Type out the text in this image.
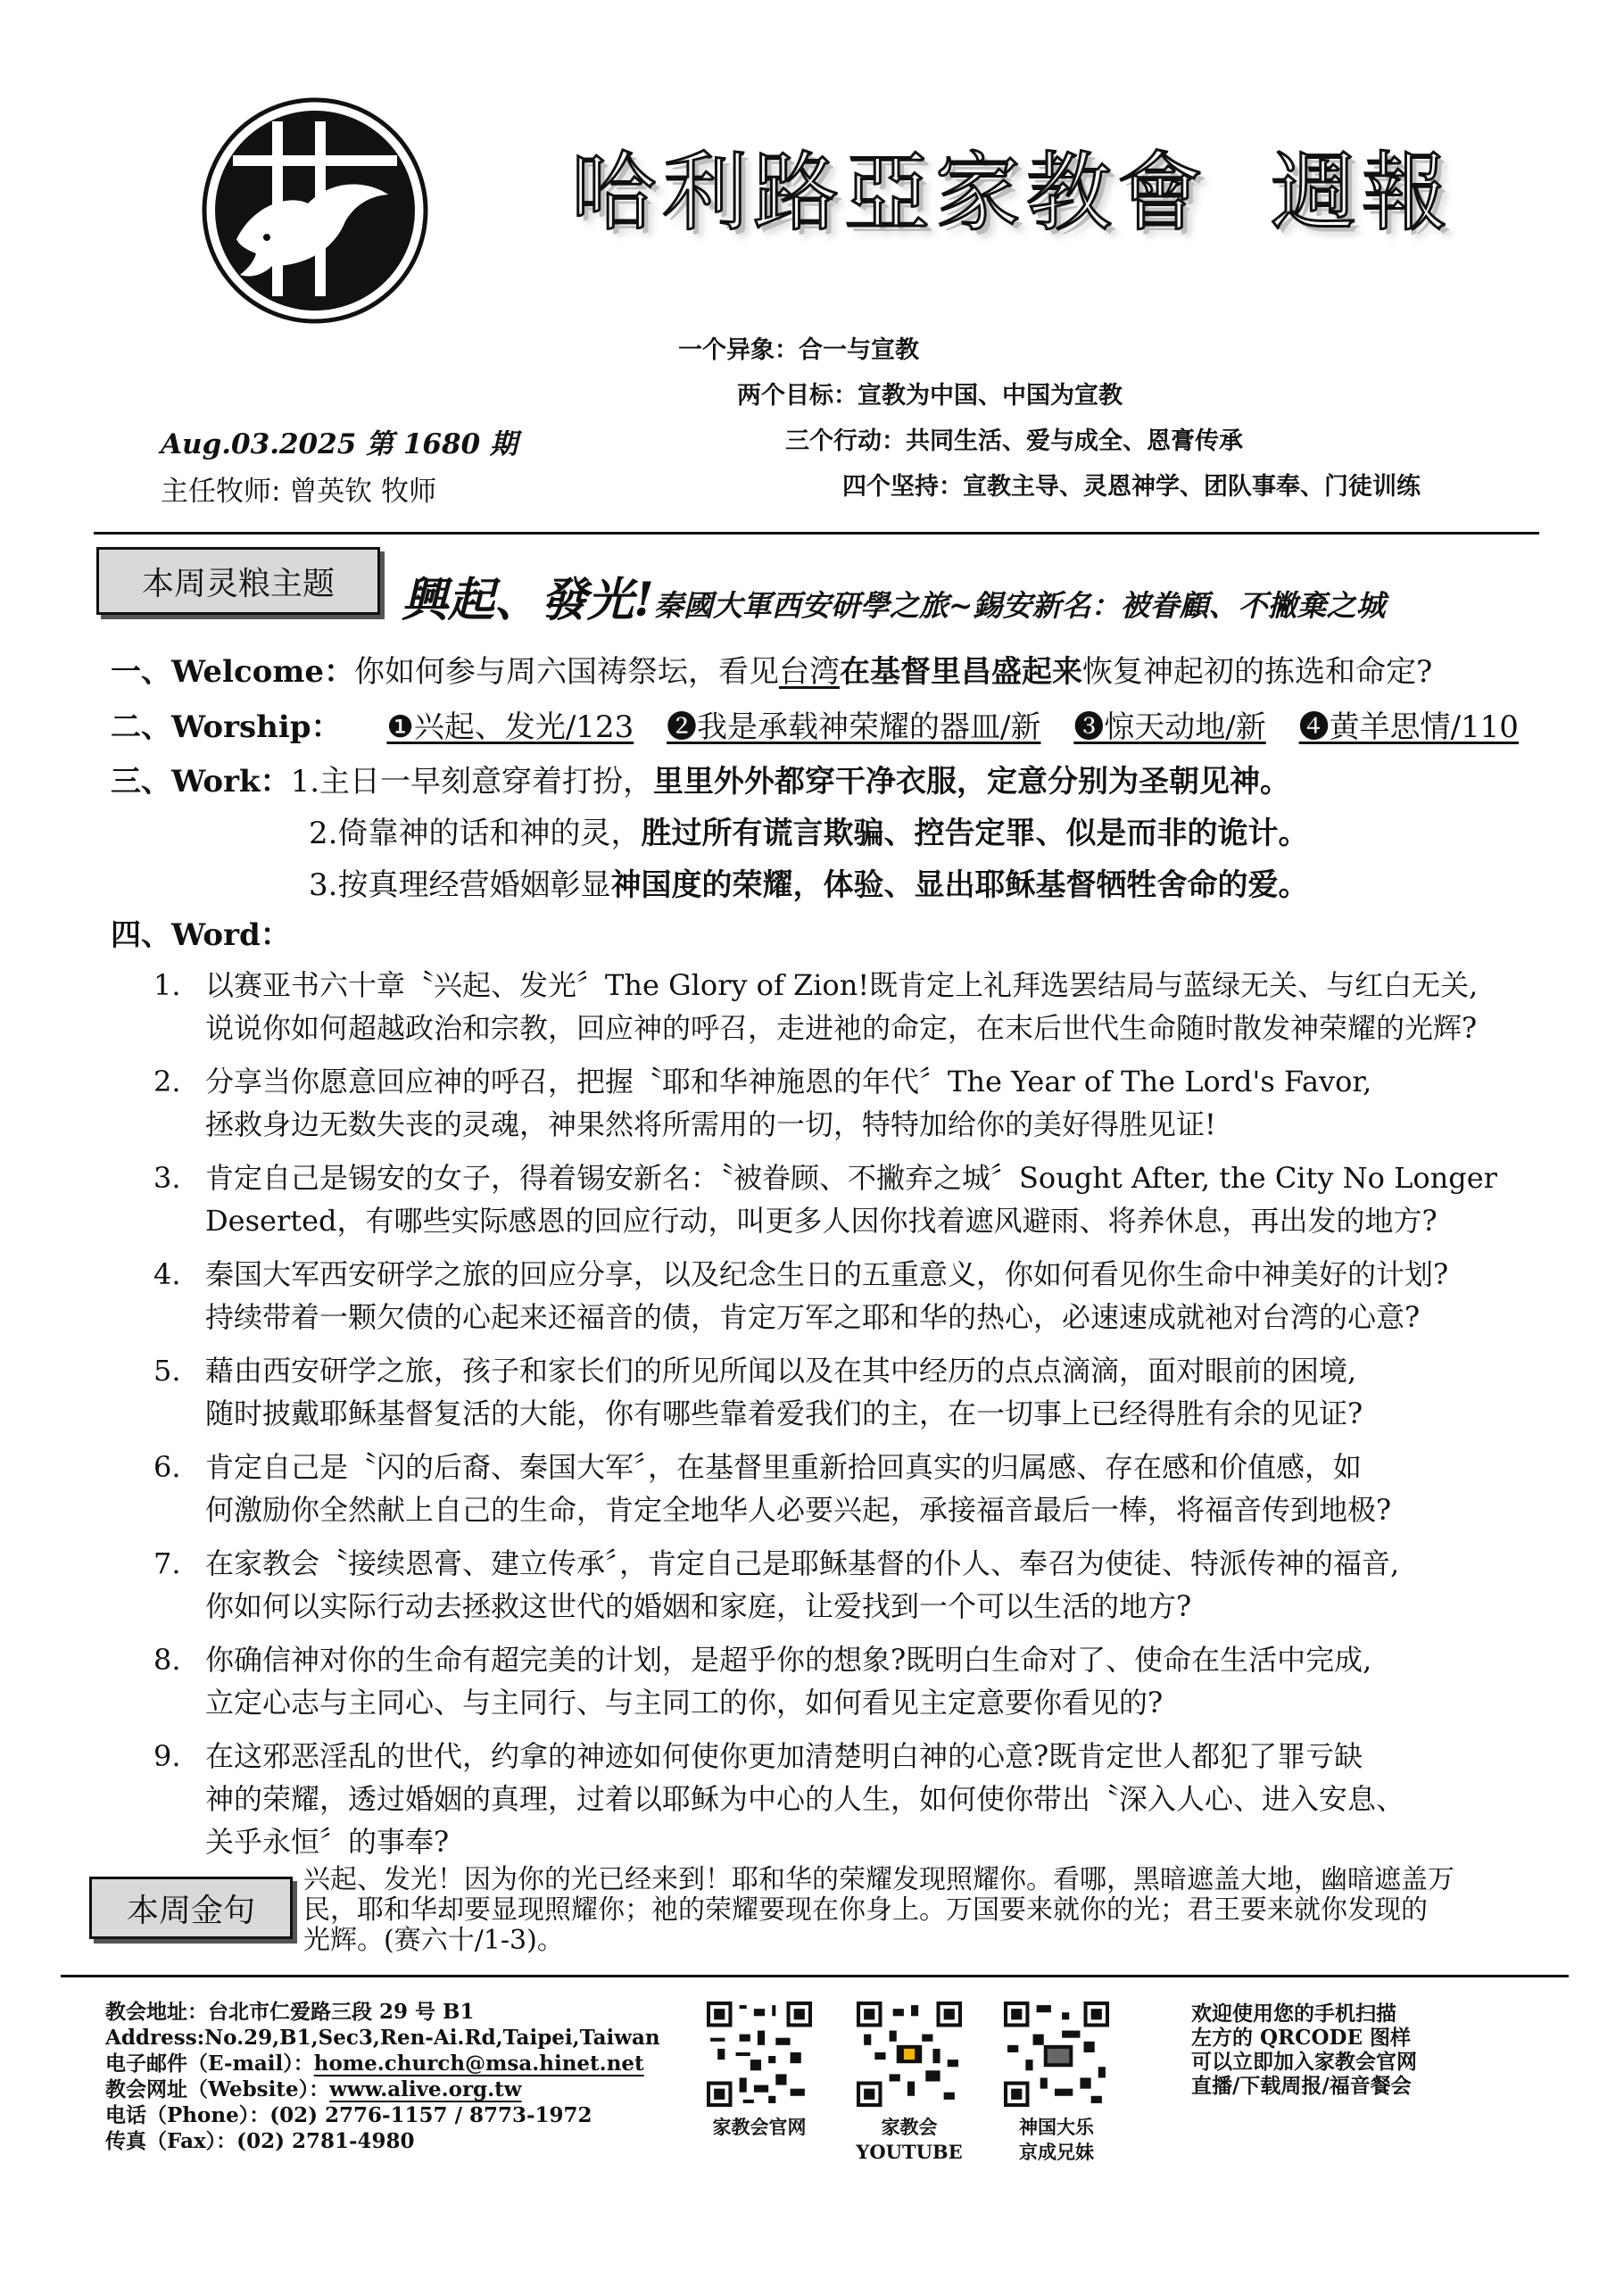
哈利路亞家教會 週報
一个异象：合一与宣教
两个目标：宣教为中国、中国为宣教
三个行动：共同生活、爱与成全、恩膏传承
四个坚持：宣教主导、灵恩神学、团队事奉、门徒训练
Aug.03.2025 第 1680 期
主任牧师: 曾英钦 牧师
本周灵粮主题	興起、發光!秦國大軍西安研學之旅~錫安新名：被眷顧、不撇棄之城
一、Welcome：你如何参与周六国祷祭坛，看见台湾在基督里昌盛起来恢复神起初的拣选和命定?
二、Worship： ❶兴起、发光/123 ❷我是承载神荣耀的器皿/新 ❸惊天动地/新 ❹黄羊思情/110
三、Work：1.主日一早刻意穿着打扮，里里外外都穿干净衣服，定意分别为圣朝见神。
2.倚靠神的话和神的灵，胜过所有谎言欺骗、控告定罪、似是而非的诡计。
3.按真理经营婚姻彰显神国度的荣耀，体验、显出耶稣基督牺牲舍命的爱。
四、Word：
1. 以赛亚书六十章〝兴起、发光〞The Glory of Zion!既肯定上礼拜选罢结局与蓝绿无关、与红白无关,
说说你如何超越政治和宗教，回应神的呼召，走进祂的命定，在末后世代生命随时散发神荣耀的光辉?
2. 分享当你愿意回应神的呼召，把握〝耶和华神施恩的年代〞The Year of The Lord's Favor,
拯救身边无数失丧的灵魂，神果然将所需用的一切，特特加给你的美好得胜见证!
3. 肯定自己是锡安的女子，得着锡安新名：〝被眷顾、不撇弃之城〞Sought After, the City No Longer
Deserted，有哪些实际感恩的回应行动，叫更多人因你找着遮风避雨、将养休息，再出发的地方?
4. 秦国大军西安研学之旅的回应分享，以及纪念生日的五重意义，你如何看见你生命中神美好的计划?
持续带着一颗欠债的心起来还福音的债，肯定万军之耶和华的热心，必速速成就祂对台湾的心意?
5. 藉由西安研学之旅，孩子和家长们的所见所闻以及在其中经历的点点滴滴，面对眼前的困境,
随时披戴耶稣基督复活的大能，你有哪些靠着爱我们的主，在一切事上已经得胜有余的见证?
6. 肯定自己是〝闪的后裔、秦国大军〞，在基督里重新拾回真实的归属感、存在感和价值感，如
何激励你全然献上自己的生命，肯定全地华人必要兴起，承接福音最后一棒，将福音传到地极?
7. 在家教会〝接续恩膏、建立传承〞，肯定自己是耶稣基督的仆人、奉召为使徒、特派传神的福音,
你如何以实际行动去拯救这世代的婚姻和家庭，让爱找到一个可以生活的地方?
8. 你确信神对你的生命有超完美的计划，是超乎你的想象?既明白生命对了、使命在生活中完成,
立定心志与主同心、与主同行、与主同工的你，如何看见主定意要你看见的?
9. 在这邪恶淫乱的世代，约拿的神迹如何使你更加清楚明白神的心意?既肯定世人都犯了罪亏缺
神的荣耀，透过婚姻的真理，过着以耶稣为中心的人生，如何使你带出〝深入人心、进入安息、
关乎永恒〞的事奉?
本周金句
兴起、发光！因为你的光已经来到！耶和华的荣耀发现照耀你。看哪，黑暗遮盖大地，幽暗遮盖万
民，耶和华却要显现照耀你；祂的荣耀要现在你身上。万国要来就你的光；君王要来就你发现的
光辉。(赛六十/1-3)。
教会地址：台北市仁爱路三段 29 号 B1
Address:No.29,B1,Sec3,Ren-Ai.Rd,Taipei,Taiwan
电子邮件（E-mail）：home.church@msa.hinet.net
教会网址（Website）：www.alive.org.tw
电话（Phone）：(02) 2776-1157 / 8773-1972
传真（Fax）：(02) 2781-4980
家教会官网	家教会
YOUTUBE
神国大乐
京成兄妹
欢迎使用您的手机扫描
左方的 QRCODE 图样
可以立即加入家教会官网
直播/下载周报/福音餐会
